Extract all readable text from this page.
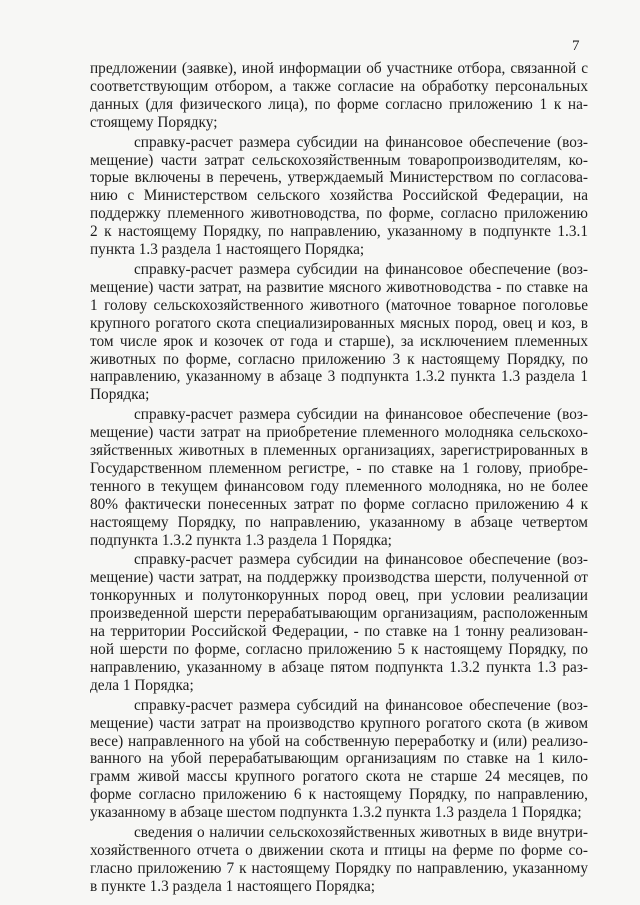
7
предложении (заявке), иной информации об участнике отбора, связанной с
соответствующим отбором, а также согласие на обработку персональных
данных (для физического лица), по форме согласно приложению 1 к на-
стоящему Порядку;
справку-расчет размера субсидии на финансовое обеспечение (воз-
мещение) части затрат сельскохозяйственным товаропроизводителям, ко-
торые включены в перечень, утверждаемый Министерством по согласова-
нию с Министерством сельского хозяйства Российской Федерации, на
поддержку племенного животноводства, по форме, согласно приложению
2 к настоящему Порядку, по направлению, указанному в подпункте 1.3.1
пункта 1.3 раздела 1 настоящего Порядка;
справку-расчет размера субсидии на финансовое обеспечение (воз-
мещение) части затрат, на развитие мясного животноводства - по ставке на
1 голову сельскохозяйственного животного (маточное товарное поголовье
крупного рогатого скота специализированных мясных пород, овец и коз, в
том числе ярок и козочек от года и старше), за исключением племенных
животных по форме, согласно приложению 3 к настоящему Порядку, по
направлению, указанному в абзаце 3 подпункта 1.3.2 пункта 1.3 раздела 1
Порядка;
справку-расчет размера субсидии на финансовое обеспечение (воз-
мещение) части затрат на приобретение племенного молодняка сельскохо-
зяйственных животных в племенных организациях, зарегистрированных в
Государственном племенном регистре, - по ставке на 1 голову, приобре-
тенного в текущем финансовом году племенного молодняка, но не более
80% фактически понесенных затрат по форме согласно приложению 4 к
настоящему Порядку, по направлению, указанному в абзаце четвертом
подпункта 1.3.2 пункта 1.3 раздела 1 Порядка;
справку-расчет размера субсидии на финансовое обеспечение (воз-
мещение) части затрат, на поддержку производства шерсти, полученной от
тонкорунных и полутонкорунных пород овец, при условии реализации
произведенной шерсти перерабатывающим организациям, расположенным
на территории Российской Федерации, - по ставке на 1 тонну реализован-
ной шерсти по форме, согласно приложению 5 к настоящему Порядку, по
направлению, указанному в абзаце пятом подпункта 1.3.2 пункта 1.3 раз-
дела 1 Порядка;
справку-расчет размера субсидий на финансовое обеспечение (воз-
мещение) части затрат на производство крупного рогатого скота (в живом
весе) направленного на убой на собственную переработку и (или) реализо-
ванного на убой перерабатывающим организациям по ставке на 1 кило-
грамм живой массы крупного рогатого скота не старше 24 месяцев, по
форме согласно приложению 6 к настоящему Порядку, по направлению,
указанному в абзаце шестом подпункта 1.3.2 пункта 1.3 раздела 1 Порядка;
сведения о наличии сельскохозяйственных животных в виде внутри-
хозяйственного отчета о движении скота и птицы на ферме по форме со-
гласно приложению 7 к настоящему Порядку по направлению, указанному
в пункте 1.3 раздела 1 настоящего Порядка;
